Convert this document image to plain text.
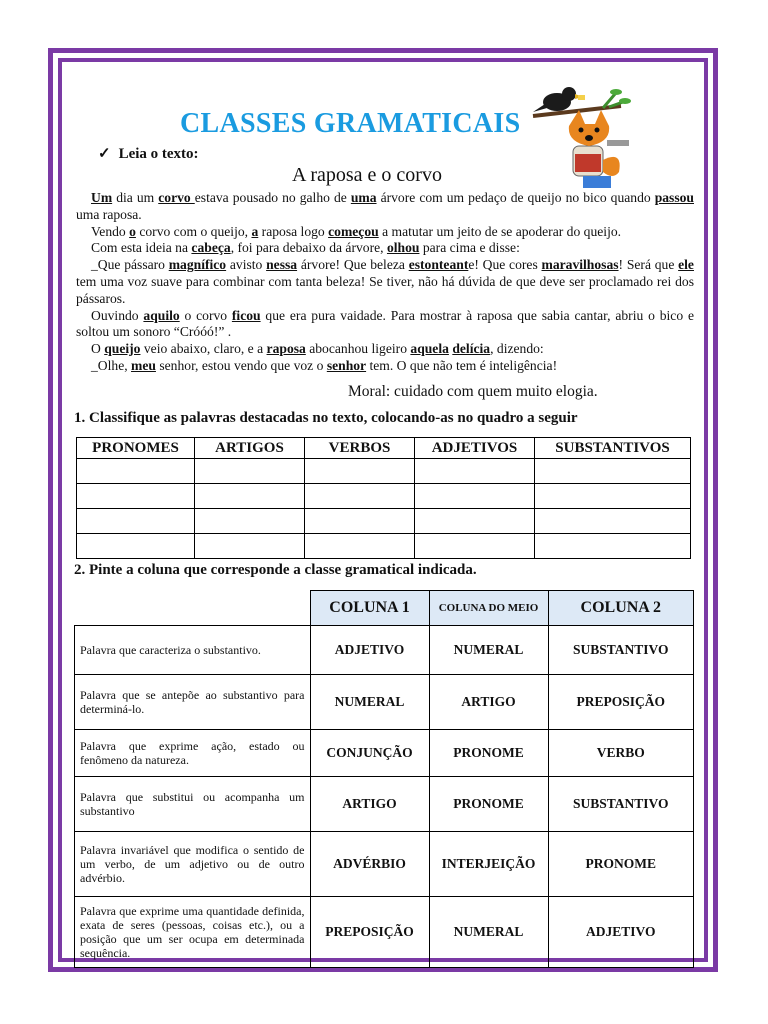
CLASSES GRAMATICAIS
✓ Leia o texto:
A raposa e o corvo

Um dia um corvo estava pousado no galho de uma árvore com um pedaço de queijo no bico quando passou uma raposa.

Vendo o corvo com o queijo, a raposa logo começou a matutar um jeito de se apoderar do queijo.

Com esta ideia na cabeça, foi para debaixo da árvore, olhou para cima e disse:

_Que pássaro magnífico avisto nessa árvore! Que beleza estonteante! Que cores maravilhosas! Será que ele tem uma voz suave para combinar com tanta beleza! Se tiver, não há dúvida de que deve ser proclamado rei dos pássaros.

Ouvindo aquilo o corvo ficou que era pura vaidade. Para mostrar à raposa que sabia cantar, abriu o bico e soltou um sonoro “Cróóó!” .

O queijo veio abaixo, claro, e a raposa abocanhou ligeiro aquela delícia, dizendo:

_Olhe, meu senhor, estou vendo que voz o senhor tem. O que não tem é inteligência!

Moral: cuidado com quem muito elogia.
1. Classifique as palavras destacadas no texto, colocando-as no quadro a seguir
PRONOMES	ARTIGOS	VERBOS	ADJETIVOS	SUBSTANTIVOS

2. Pinte a coluna que corresponde a classe gramatical indicada.
	COLUNA 1	COLUNA DO MEIO	COLUNA 2
Palavra que caracteriza o substantivo.	ADJETIVO	NUMERAL	SUBSTANTIVO
Palavra que se antepõe ao substantivo para determiná-lo.	NUMERAL	ARTIGO	PREPOSIÇÃO
Palavra que exprime ação, estado ou fenômeno da natureza.	CONJUNÇÃO	PRONOME	VERBO
Palavra que substitui ou acompanha um substantivo	ARTIGO	PRONOME	SUBSTANTIVO
Palavra invariável que modifica o sentido de um verbo, de um adjetivo ou de outro advérbio.	ADVÉRBIO	INTERJEIÇÃO	PRONOME
Palavra que exprime uma quantidade definida, exata de seres (pessoas, coisas etc.), ou a posição que um ser ocupa em determinada sequência.	PREPOSIÇÃO	NUMERAL	ADJETIVO
